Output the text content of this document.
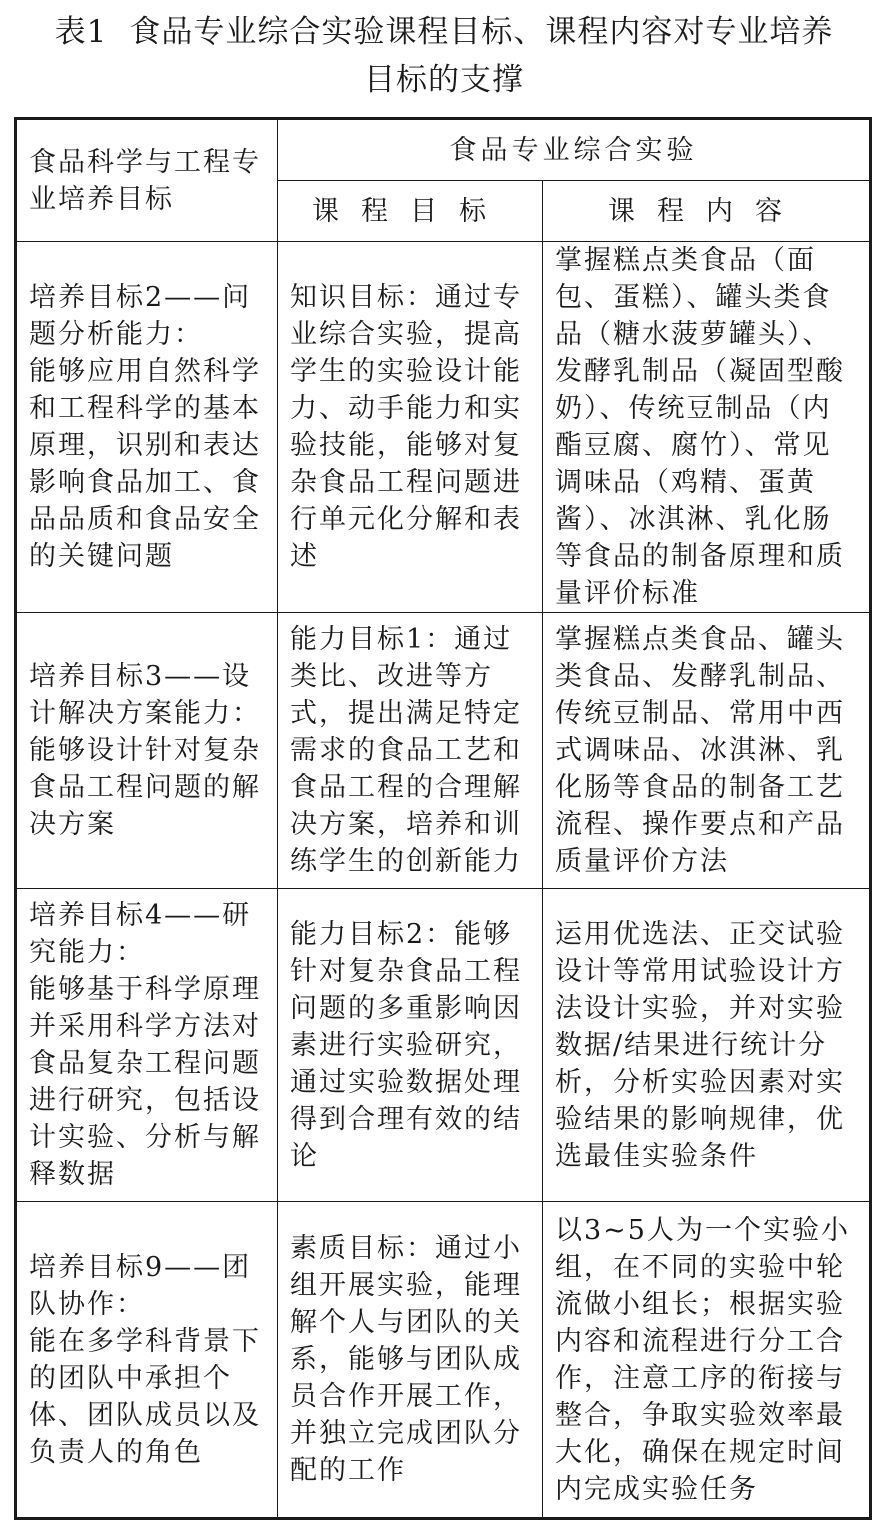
表1 食品专业综合实验课程目标、课程内容对专业培养
目标的支撑
食品科学与工程专业培养目标	食品专业综合实验	
	课程目标	课程内容
培养目标2——问题分析能力：
能够应用自然科学和工程科学的基本原理，识别和表达影响食品加工、食品品质和食品安全的关键问题	知识目标：通过专业综合实验，提高学生的实验设计能力、动手能力和实验技能，能够对复杂食品工程问题进行单元化分解和表述	掌握糕点类食品（面包、蛋糕）、罐头类食品（糖水菠萝罐头）、发酵乳制品（凝固型酸奶）、传统豆制品（内酯豆腐、腐竹）、常见调味品（鸡精、蛋黄酱）、冰淇淋、乳化肠等食品的制备原理和质量评价标准
培养目标3——设计解决方案能力：
能够设计针对复杂食品工程问题的解决方案	能力目标1：通过类比、改进等方式，提出满足特定需求的食品工艺和食品工程的合理解决方案，培养和训练学生的创新能力	掌握糕点类食品、罐头类食品、发酵乳制品、传统豆制品、常用中西式调味品、冰淇淋、乳化肠等食品的制备工艺流程、操作要点和产品质量评价方法
培养目标4——研究能力：
能够基于科学原理并采用科学方法对食品复杂工程问题进行研究，包括设计实验、分析与解释数据	能力目标2：能够针对复杂食品工程问题的多重影响因素进行实验研究，通过实验数据处理得到合理有效的结论	运用优选法、正交试验设计等常用试验设计方法设计实验，并对实验数据/结果进行统计分析，分析实验因素对实验结果的影响规律，优选最佳实验条件
培养目标9——团队协作：
能在多学科背景下的团队中承担个体、团队成员以及负责人的角色	素质目标：通过小组开展实验，能理解个人与团队的关系，能够与团队成员合作开展工作，并独立完成团队分配的工作	以3~5人为一个实验小组，在不同的实验中轮流做小组长；根据实验内容和流程进行分工合作，注意工序的衔接与整合，争取实验效率最大化，确保在规定时间内完成实验任务
